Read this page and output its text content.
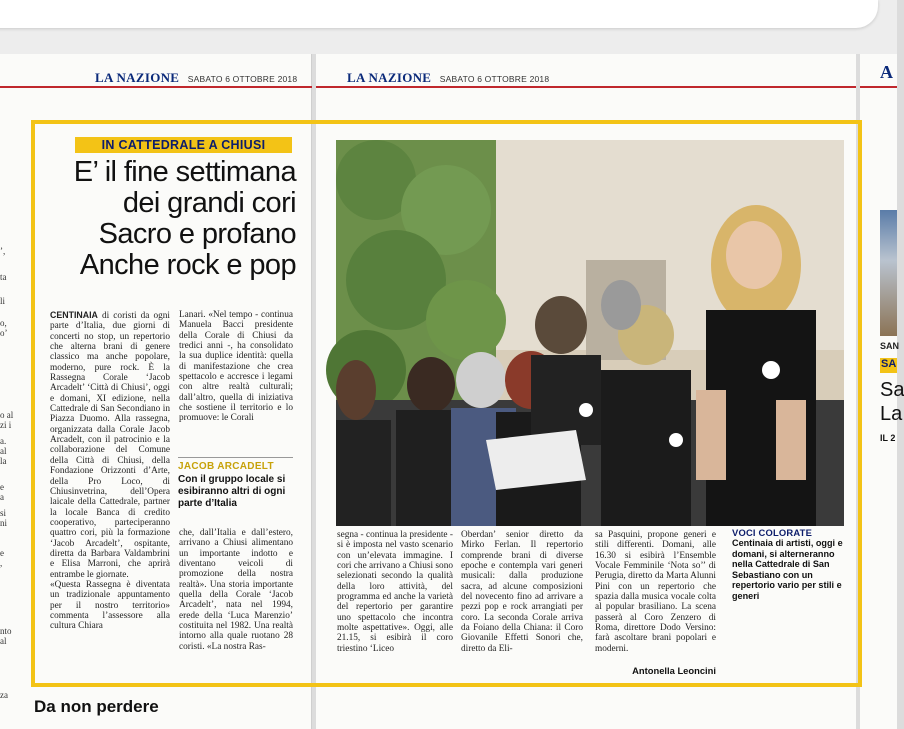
LA NAZIONE SABATO 6 OTTOBRE 2018	LA NAZIONE SABATO 6 OTTOBRE 2018	A
’,
ta
li
o,
o’
o al
zi i
a.
al
la
e
a
si
ni
e
,
nto
al
za
IN CATTEDRALE A CHIUSI
E’ il fine settimana
dei grandi cori
Sacro e profano
Anche rock e pop

CENTINAIA di coristi da ogni parte d’Italia, due giorni di concerti no stop, un repertorio che alterna brani di genere classico ma anche popolare, moderno, pure rock. È la Rassegna Corale ‘Jacob Arcadelt’ ‘Città di Chiusi’, oggi e domani, XI edizione, nella Cattedrale di San Secondiano in Piazza Duomo. Alla rassegna, organizzata dalla Corale Jacob Arcadelt, con il patrocinio e la collaborazione del Comune della Città di Chiusi, della Fondazione Orizzonti d’Arte, della Pro Loco, di Chiusinvetrina, dell’Opera laicale della Cattedrale, partner la locale Banca di credito cooperativo, parteciperanno quattro cori, più la formazione ‘Jacob Arcadelt’, ospitante, diretta da Barbara Valdambrini e Elisa Marroni, che aprirà entrambe le giornate.

«Questa Rassegna è diventata un tradizionale appuntamento per il nostro territorio» commenta l’assessore alla cultura Chiara

Lanari. «Nel tempo - continua Manuela Bacci presidente della Corale di Chiusi da tredici anni -, ha consolidato la sua duplice identità: quella di manifestazione che crea spettacolo e accresce i legami con altre realtà culturali; dall’altro, quella di iniziativa che sostiene il territorio e lo promuove: le Corali

JACOB ARCADELT
Con il gruppo locale si esibiranno altri di ogni parte d’Italia

che, dall’Italia e dall’estero, arrivano a Chiusi alimentano un importante indotto e diventano veicoli di promozione della nostra realtà». Una storia importante quella della Corale ‘Jacob Arcadelt’, nata nel 1994, erede della ‘Luca Marenzio’ costituita nel 1982. Una realtà intorno alla quale ruotano 28 coristi. «La nostra Ras-

segna - continua la presidente - si è imposta nel vasto scenario con un’elevata immagine. I cori che arrivano a Chiusi sono selezionati secondo la qualità della loro attività, del programma ed anche la varietà del repertorio per garantire uno spettacolo che incontra molte aspettative». Oggi, alle 21.15, si esibirà il coro triestino ‘Liceo

Oberdan’ senior diretto da Mirko Ferlan. Il repertorio comprende brani di diverse epoche e contempla vari generi musicali: dalla produzione sacra, ad alcune composizioni del novecento fino ad arrivare a pezzi pop e rock arrangiati per coro. La seconda Corale arriva da Foiano della Chiana: il Coro Giovanile Effetti Sonori che, diretto da Eli-

sa Pasquini, propone generi e stili differenti. Domani, alle 16.30 si esibirà l’Ensemble Vocale Femminile ‘Nota so’’ di Perugia, diretto da Marta Alunni Pini con un repertorio che spazia dalla musica vocale colta al popular brasiliano. La scena passerà al Coro Zenzero di Roma, direttore Dodo Versino: farà ascoltare brani popolari e moderni.

Antonella Leoncini
VOCI COLORATE
Centinaia di artisti, oggi e domani, si alterneranno nella Cattedrale di San Sebastiano con un repertorio vario per stili e generi
Da non perdere
SAN
SA
Sa
La
IL 2
